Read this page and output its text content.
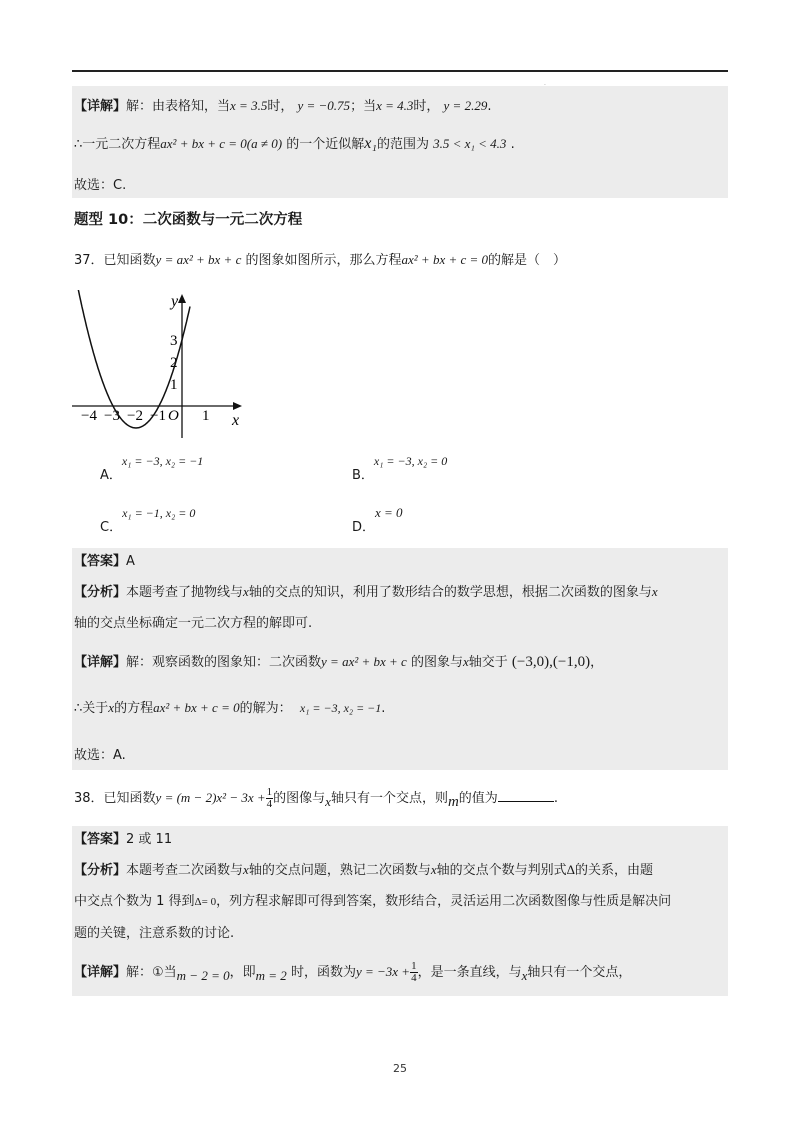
.
【详解】解：由表格知，当x = 3.5时， y = −0.75；当x = 4.3时， y = 2.29.
∴一元二次方程ax² + bx + c = 0(a ≠ 0) 的一个近似解x₁的范围为 3.5 < x₁ < 4.3 .
故选：C.
题型 10：二次函数与一元二次方程
37．已知函数y = ax² + bx + c 的图象如图所示，那么方程ax² + bx + c = 0的解是（　）
y
x
O
−4 −3 −2 −1 1
1
2
3
A．x₁ = −3, x₂ = −1
B．x₁ = −3, x₂ = 0
C．x₁ = −1, x₂ = 0
D．x = 0
【答案】A
【分析】本题考查了抛物线与x轴的交点的知识，利用了数形结合的数学思想，根据二次函数的图象与x
轴的交点坐标确定一元二次方程的解即可.
【详解】解：观察函数的图象知：二次函数y = ax² + bx + c 的图象与x轴交于 (−3,0),(−1,0)，
∴关于x的方程ax² + bx + c = 0的解为： x₁ = −3, x₂ = −1.
故选：A.
38．已知函数$y = (m - 2)x^2 - 3x + \frac{1}{4}$ 的图像与x轴只有一个交点，则m的值为	.
【答案】2 或 11
【分析】本题考查二次函数与x轴的交点问题，熟记二次函数与x轴的交点个数与判别式Δ的关系，由题
中交点个数为 1 得到Δ= 0，列方程求解即可得到答案，数形结合，灵活运用二次函数图像与性质是解决问
题的关键，注意系数的讨论.
【详解】解：①当m − 2 = 0，即m = 2 时，函数为$y = -3x + \frac{1}{4}$ ，是一条直线，与x轴只有一个交点，
25
